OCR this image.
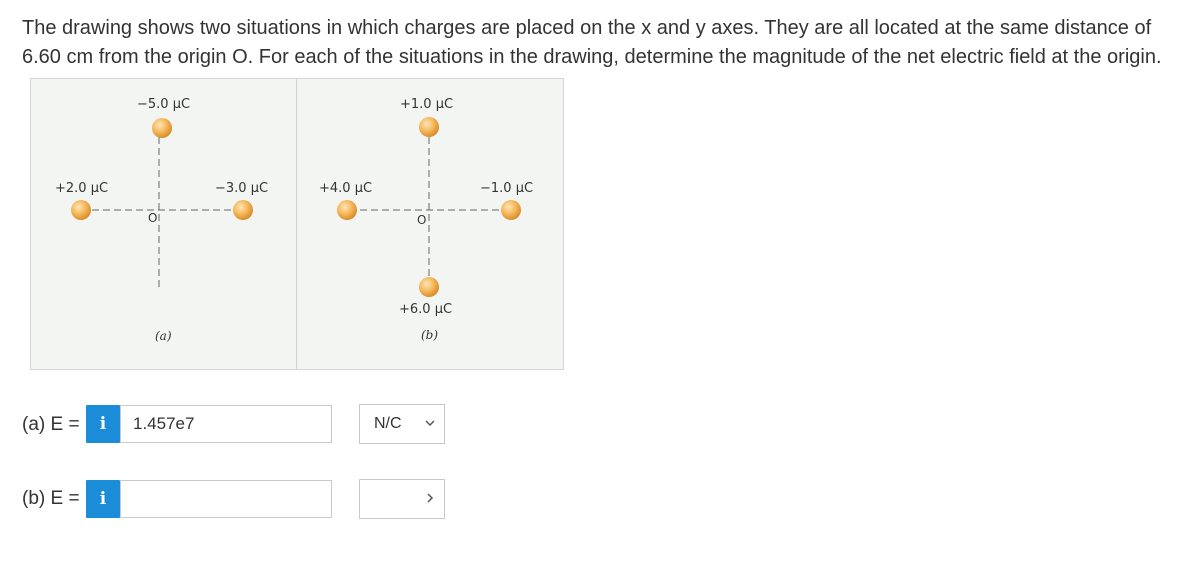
The drawing shows two situations in which charges are placed on the x and y axes. They are all located at the same distance of 6.60 cm from the origin O. For each of the situations in the drawing, determine the magnitude of the net electric field at the origin.
−5.0 μC
+2.0 μC	−3.0 μC
O
(a)
+1.0 μC
+4.0 μC	−1.0 μC
O
+6.0 μC
(b)
(a) E =	i
1.457e7	N/C
(b) E =	i
